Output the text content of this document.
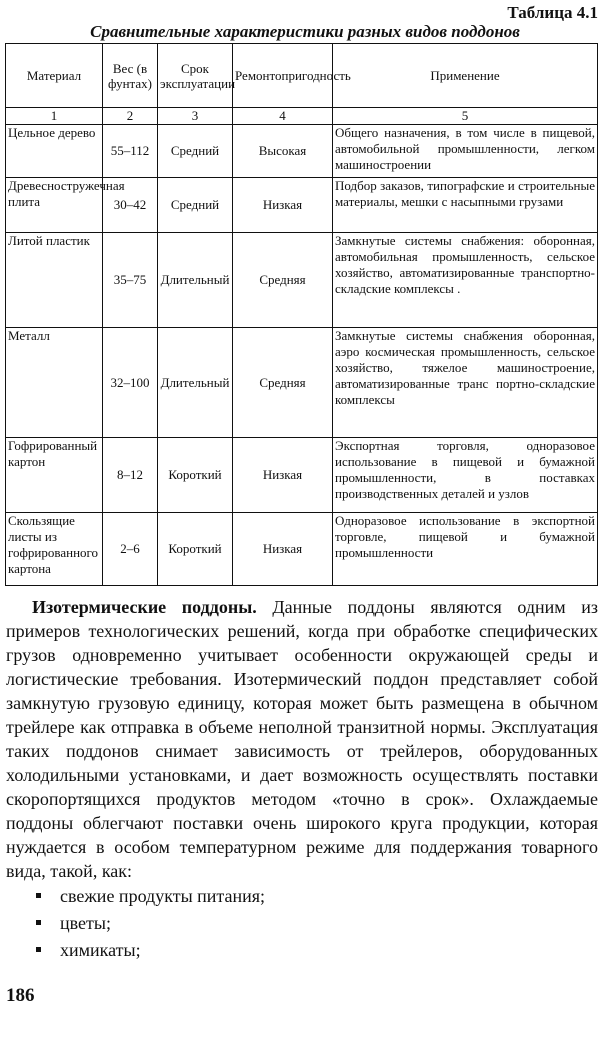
Таблица 4.1
Сравнительные характеристики разных видов поддонов
Материал	Вес (в фунтах)	Срок эксплуатации	Ремонтопригодность	Применение
1	2	3	4	5
Цельное дерево	55–112	Средний	Высокая	Общего назначения, в том числе в пищевой, автомобильной промышленности, легком машиностроении
Древесностружечная плита	30–42	Средний	Низкая	Подбор заказов, типографские и строительные материалы, мешки с насыпными грузами
Литой пластик	35–75	Длительный	Средняя	Замкнутые системы снабжения: оборонная, автомобильная промышленность, сельское хозяйство, автоматизированные транспортно-складские комплексы .
Металл	32–100	Длительный	Средняя	Замкнутые системы снабжения оборонная, аэро космическая промышленность, сельское хозяйство, тяжелое машиностроение, автоматизированные транс портно-складские комплексы
Гофрированный картон	8–12	Короткий	Низкая	Экспортная торговля, одноразовое использование в пищевой и бумажной промышленности, в поставках производственных деталей и узлов
Скользящие листы из гофрированного картона	2–6	Короткий	Низкая	Одноразовое использование в экспортной торговле, пищевой и бумажной промышленности

Изотермические поддоны. Данные поддоны являются одним из примеров технологических решений, когда при обработке специфических грузов одновременно учитывает особенности окружающей среды и логистические требования. Изотермический поддон представляет собой замкнутую грузовую единицу, которая может быть размещена в обычном трейлере как отправка в объеме неполной транзитной нормы. Эксплуатация таких поддонов снимает зависимость от трейлеров, оборудованных холодильными установками, и дает возможность осуществлять поставки скоропортящихся продуктов методом «точно в срок». Охлаждаемые поддоны облегчают поставки очень широкого круга продукции, которая нуждается в особом температурном режиме для поддержания товарного вида, такой, как:

свежие продукты питания;
цветы;
химикаты;
186
